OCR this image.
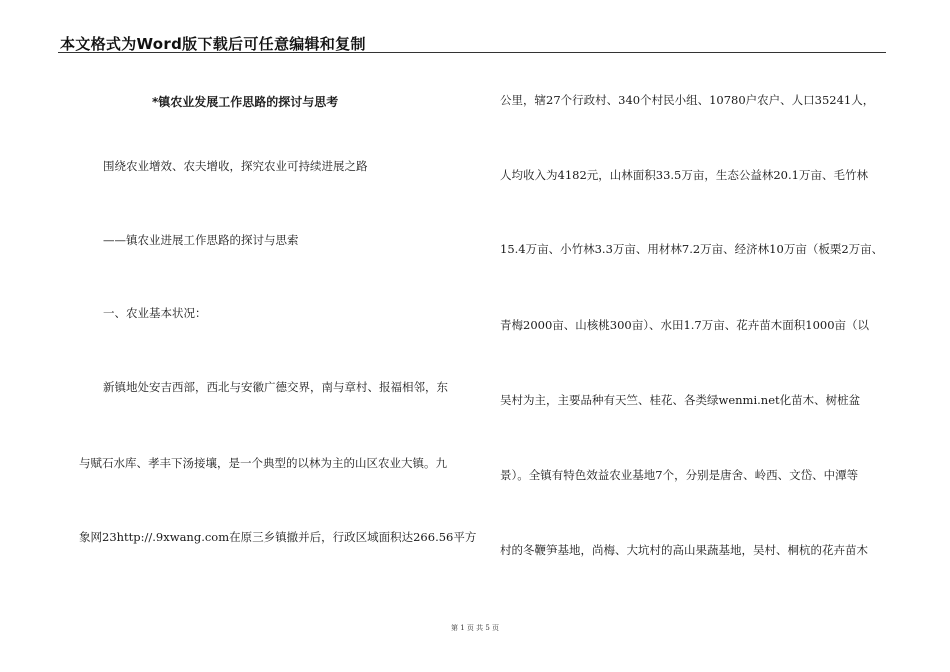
本文格式为Word版下载后可任意编辑和复制
*镇农业发展工作思路的探讨与思考
围绕农业增效、农夫增收，探究农业可持续进展之路
——镇农业进展工作思路的探讨与思索
一、农业基本状况：
新镇地处安吉西部，西北与安徽广德交界，南与章村、报福相邻，东
与赋石水库、孝丰下汤接壤，是一个典型的以林为主的山区农业大镇。九
象网23http://.9xwang.com在原三乡镇撤并后，行政区域面积达266.56平方
公里，辖27个行政村、340个村民小组、10780户农户、人口35241人，
人均收入为4182元，山林面积33.5万亩，生态公益林20.1万亩、毛竹林
15.4万亩、小竹林3.3万亩、用材林7.2万亩、经济林10万亩（板栗2万亩、
青梅2000亩、山核桃300亩）、水田1.7万亩、花卉苗木面积1000亩（以
吴村为主，主要品种有天竺、桂花、各类绿wenmi.net化苗木、树桩盆
景）。全镇有特色效益农业基地7个，分别是唐舍、岭西、文岱、中潭等
村的冬鞭笋基地，尚梅、大坑村的高山果蔬基地，吴村、桐杭的花卉苗木
第 1 页 共 5 页
